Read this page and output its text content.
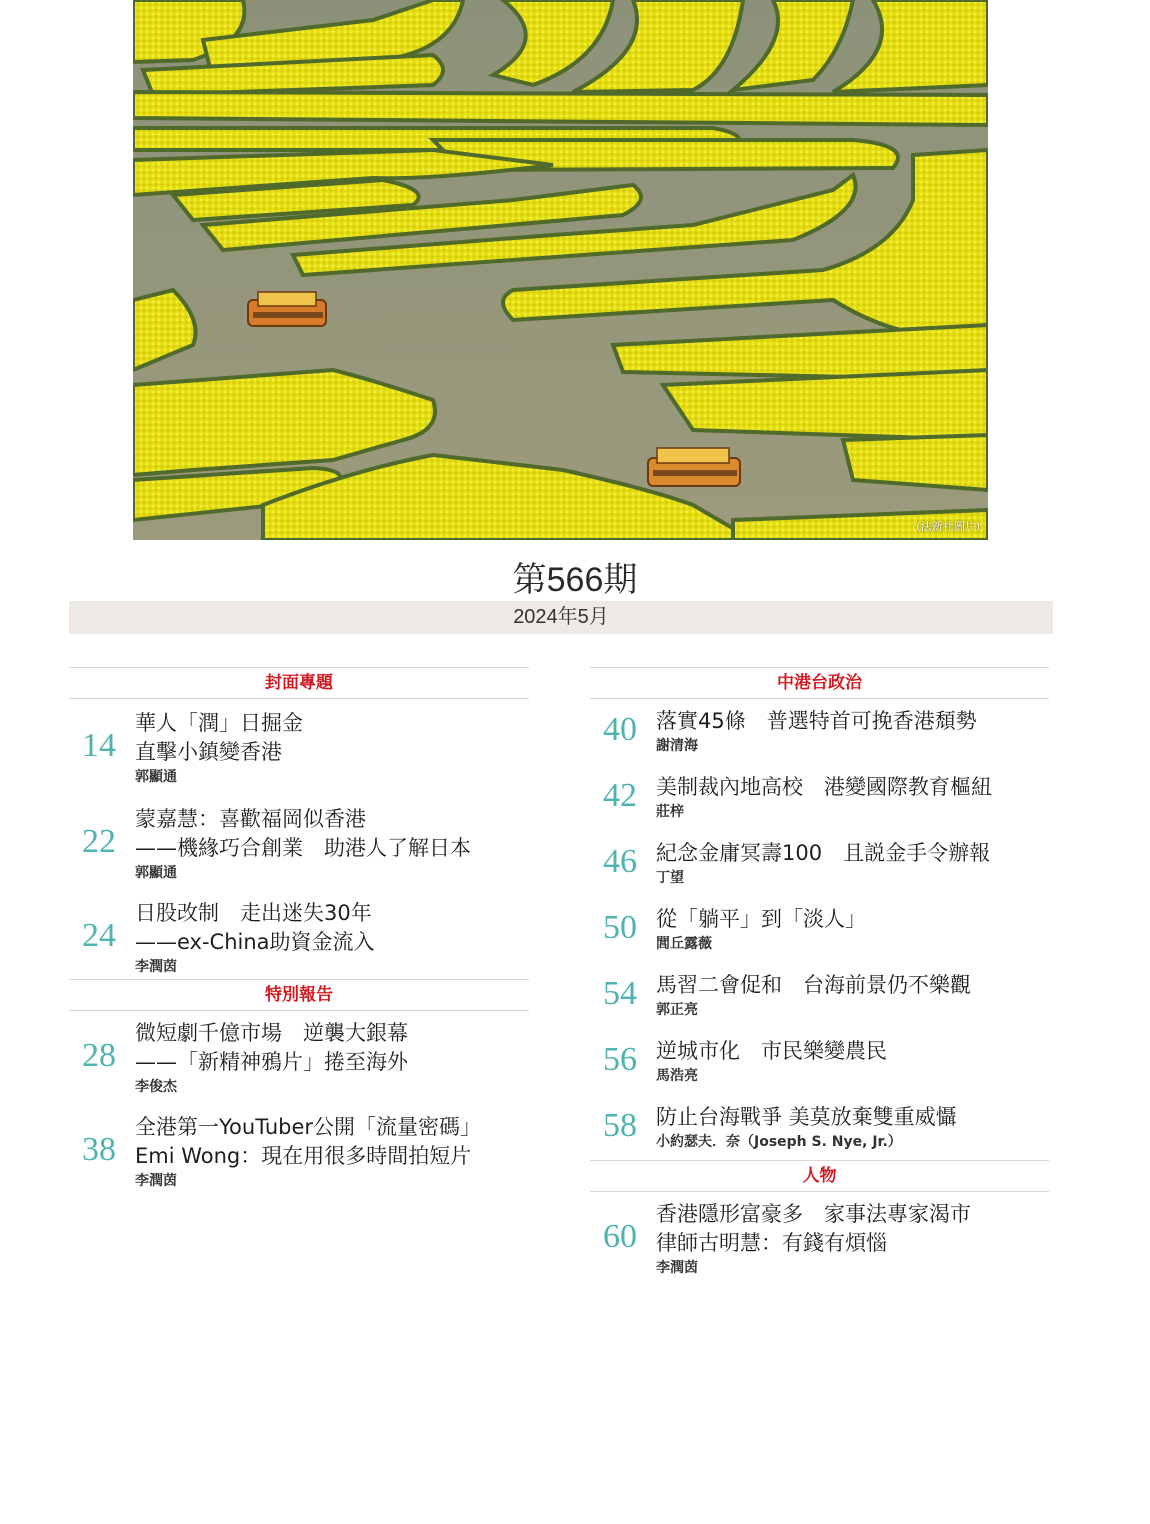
(法新社圖片)
第566期
2024年5月
封面專題
14
華人「潤」日掘金
直擊小鎮變香港
郭顯通
22
蒙嘉慧：喜歡福岡似香港
——機緣巧合創業　助港人了解日本
郭顯通
24
日股改制　走出迷失30年
——ex-China助資金流入
李潤茵
特別報告
28
微短劇千億市場　逆襲大銀幕
——「新精神鴉片」捲至海外
李俊杰
38
全港第一YouTuber公開「流量密碼」
Emi Wong：現在用很多時間拍短片
李潤茵
中港台政治
40 落實45條　普選特首可挽香港頹勢
謝清海
42 美制裁內地高校　港變國際教育樞紐
莊梓
46 紀念金庸冥壽100　且説金手令辦報
丁望
50 從「躺平」到「淡人」
閭丘露薇
54 馬習二會促和　台海前景仍不樂觀
郭正亮
56 逆城市化　市民樂變農民
馬浩亮
58 防止台海戰爭 美莫放棄雙重威懾
小約瑟夫．奈（Joseph S. Nye, Jr.）
人物
60
香港隱形富豪多　家事法專家渴市
律師古明慧：有錢有煩惱
李潤茵
